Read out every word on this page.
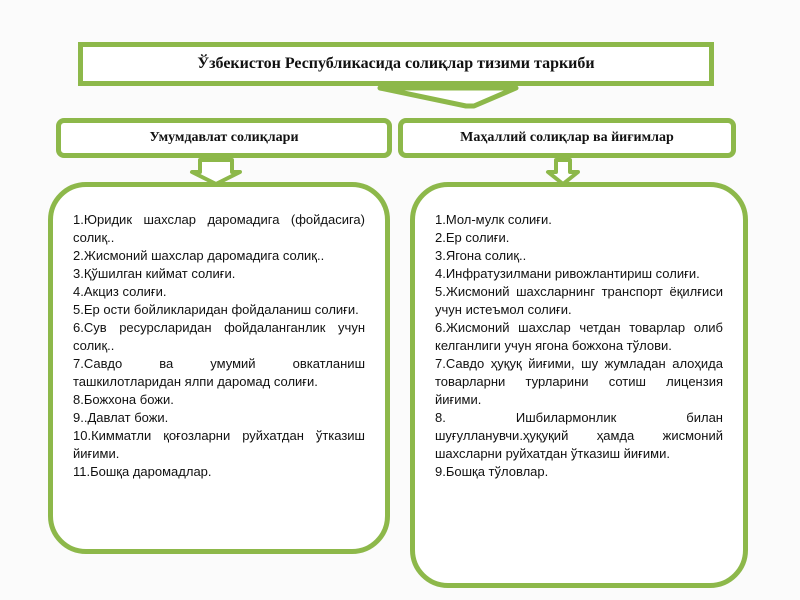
Ўзбекистон Республикасида солиқлар тизими таркиби
Умумдавлат солиқлари	Маҳаллий солиқлар ва йиғимлар
1.Юридик шахслар даромадига (фойдасига) солиқ..
2.Жисмоний шахслар даромадига солиқ..
3.Қўшилган киймат солиғи.
4.Акциз солиғи.
5.Ер ости бойликларидан фойдаланиш солиғи.
6.Сув ресурсларидан фойдаланганлик учун солиқ..
7.Савдо ва умумий овкатланиш ташкилотларидан ялпи даромад солиғи.
8.Божхона божи.
9..Давлат божи.
10.Кимматли қоғозларни руйхатдан ўтказиш йиғими.
11.Бошқа даромадлар.
1.Мол-мулк солиғи.
2.Ер солиғи.
3.Ягона солиқ..
4.Инфратузилмани ривожлантириш солиғи.
5.Жисмоний шахсларнинг транспорт ёқилғиси учун истеъмол солиғи.
6.Жисмоний шахслар четдан товарлар олиб келганлиги учун ягона божхона тўлови.
7.Савдо ҳуқуқ йиғими, шу жумладан алоҳида товарларни турларини сотиш лицензия йиғими.
8. Ишбилармонлик билан шуғулланувчи.ҳуқуқий ҳамда жисмоний шахсларни руйхатдан ўтказиш йиғими.
9.Бошқа тўловлар.
